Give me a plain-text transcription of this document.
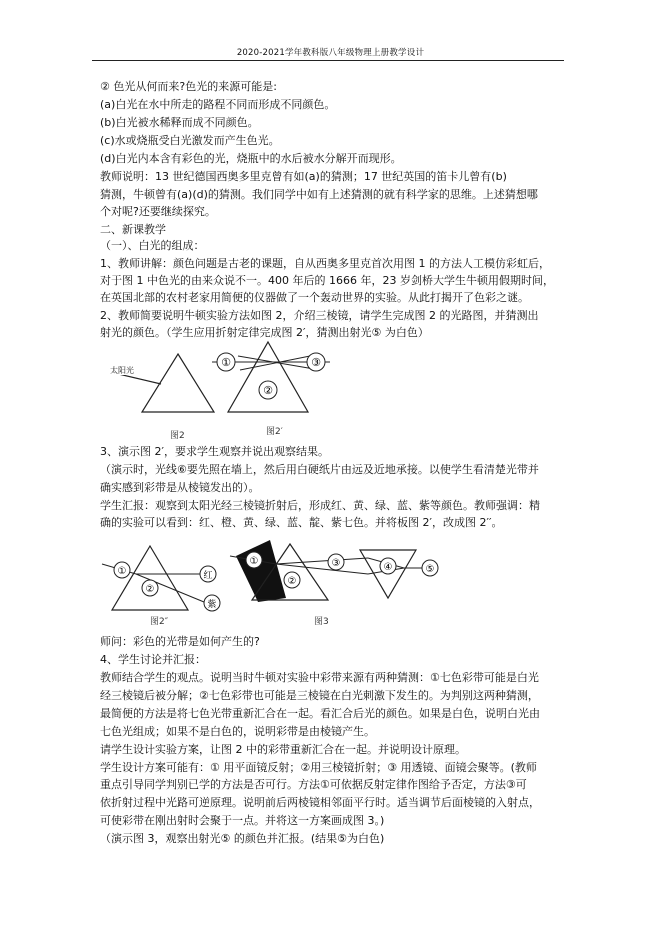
2020-2021学年教科版八年级物理上册教学设计
② 色光从何而来?色光的来源可能是:
(a)白光在水中所走的路程不同而形成不同颜色。
(b)白光被水稀释而成不同颜色。
(c)水或烧瓶受白光激发而产生色光。
(d)白光内本含有彩色的光，烧瓶中的水后被水分解开而现形。
教师说明：13 世纪德国西奥多里克曾有如(a)的猜测；17 世纪英国的笛卡儿曾有(b)
猜测，牛顿曾有(a)(d)的猜测。我们同学中如有上述猜测的就有科学家的思维。上述猜想哪
个对呢?还要继续探究。
二、新课教学
（一）、白光的组成：
1、教师讲解：颜色问题是古老的课题，自从西奥多里克首次用图 1 的方法人工模仿彩虹后，
对于图 1 中色光的由来众说不一。400 年后的 1666 年，23 岁剑桥大学生牛顿用假期时间，
在英国北部的农村老家用简便的仪器做了一个轰动世界的实验。从此打揭开了色彩之谜。
2、教师简要说明牛顿实验方法如图 2，介绍三棱镜，请学生完成图 2 的光路图，并猜测出
射光的颜色。（学生应用折射定律完成图 2′，猜测出射光⑤ 为白色）
太阳光
图2
①
②
③
图2′
3、演示图 2′，要求学生观察并说出观察结果。
（演示时，光线⑥要先照在墙上，然后用白硬纸片由远及近地承接。以使学生看清楚光带并
确实感到彩带是从棱镜发出的）。
学生汇报：观察到太阳光经三棱镜折射后，形成红、黄、绿、蓝、紫等颜色。教师强调：精
确的实验可以看到：红、橙、黄、绿、蓝、靛、紫七色。并将板图 2′，改成图 2′′。
①
②
红
紫
图2″
①
②
③	④	⑤
图3
师问：彩色的光带是如何产生的?
4、学生讨论并汇报：
教师结合学生的观点。说明当时牛顿对实验中彩带来源有两种猜测：①七色彩带可能是白光
经三棱镜后被分解；②七色彩带也可能是三棱镜在白光刺激下发生的。为判别这两种猜测，
最简便的方法是将七色光带重新汇合在一起。看汇合后光的颜色。如果是白色，说明白光由
七色光组成；如果不是白色的，说明彩带是由棱镜产生。
请学生设计实验方案，让图 2 中的彩带重新汇合在一起。并说明设计原理。
学生设计方案可能有：① 用平面镜反射；②用三棱镜折射；③ 用透镜、面镜会聚等。(教师
重点引导同学判别已学的方法是否可行。方法①可依据反射定律作图给予否定，方法③可
依折射过程中光路可逆原理。说明前后两棱镜相邻面平行时。适当调节后面棱镜的入射点，
可使彩带在刚出射时会聚于一点。并将这一方案画成图 3。)
（演示图 3，观察出射光⑤ 的颜色并汇报。(结果⑤为白色)
